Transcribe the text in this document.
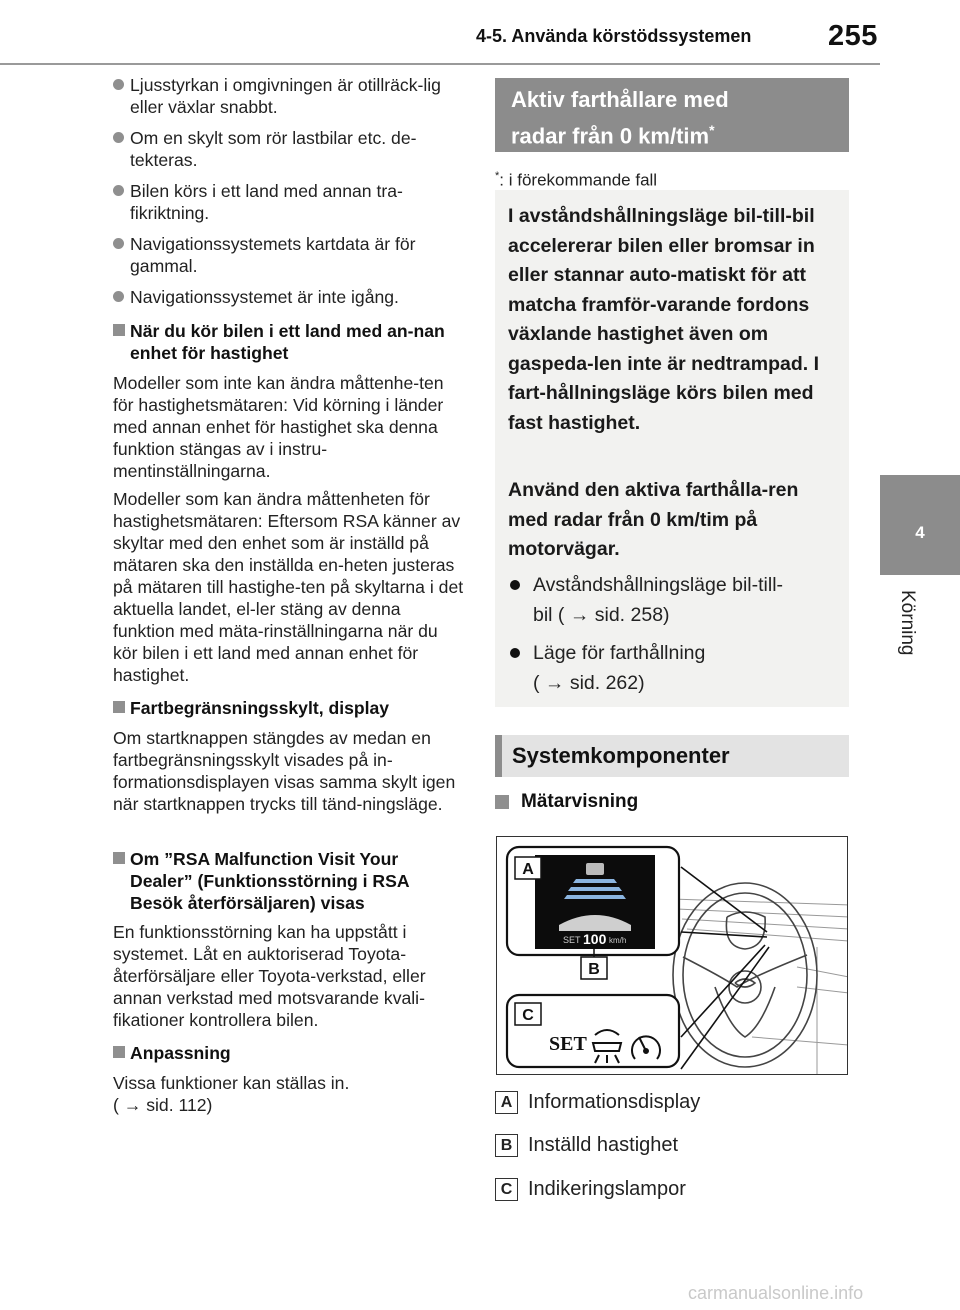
4-5. Använda körstödssystemen	255
4
Körning
Ljusstyrkan i omgivningen är otillräck-lig eller växlar snabbt.
Om en skylt som rör lastbilar etc. de-tekteras.
Bilen körs i ett land med annan tra-fikriktning.
Navigationssystemets kartdata är för gammal.
Navigationssystemet är inte igång.
När du kör bilen i ett land med an-nan enhet för hastighet
Modeller som inte kan ändra måttenhe-ten för hastighetsmätaren: Vid körning i länder med annan enhet för hastighet ska denna funktion stängas av i instru-mentinställningarna.
Modeller som kan ändra måttenheten för hastighetsmätaren: Eftersom RSA känner av skyltar med den enhet som är inställd på mätaren ska den inställda en-heten justeras på mätaren till hastighe-ten på skyltarna i det aktuella landet, el-ler stäng av denna funktion med mäta-rinställningarna när du kör bilen i ett land med annan enhet för hastighet.
Fartbegränsningsskylt, display
Om startknappen stängdes av medan en fartbegränsningsskylt visades på in-formationsdisplayen visas samma skylt igen när startknappen trycks till tänd-ningsläge.
Om ”RSA Malfunction Visit Your Dealer” (Funktionsstörning i RSA Besök återförsäljaren) visas
En funktionsstörning kan ha uppstått i systemet. Låt en auktoriserad Toyota-återförsäljare eller Toyota-verkstad, eller annan verkstad med motsvarande kvali-fikationer kontrollera bilen.
Anpassning
Vissa funktioner kan ställas in.
( → sid. 112)
Aktiv farthållare med
radar från 0 km/tim*
*: i förekommande fall
I avståndshållningsläge bil-till-bil accelererar bilen eller bromsar in eller stannar auto-matiskt för att matcha framför-varande fordons växlande hastighet även om gaspeda-len inte är nedtrampad. I fart-hållningsläge körs bilen med fast hastighet.
Använd den aktiva farthålla-ren med radar från 0 km/tim på motorvägar.
Avståndshållningsläge bil-till-
bil ( → sid. 258)
Läge för farthållning
( → sid. 262)
Systemkomponenter
Mätarvisning
SET 100 km/h
A
B
C
SET
A Informationsdisplay
B Inställd hastighet
C Indikeringslampor
carmanualsonline.info
